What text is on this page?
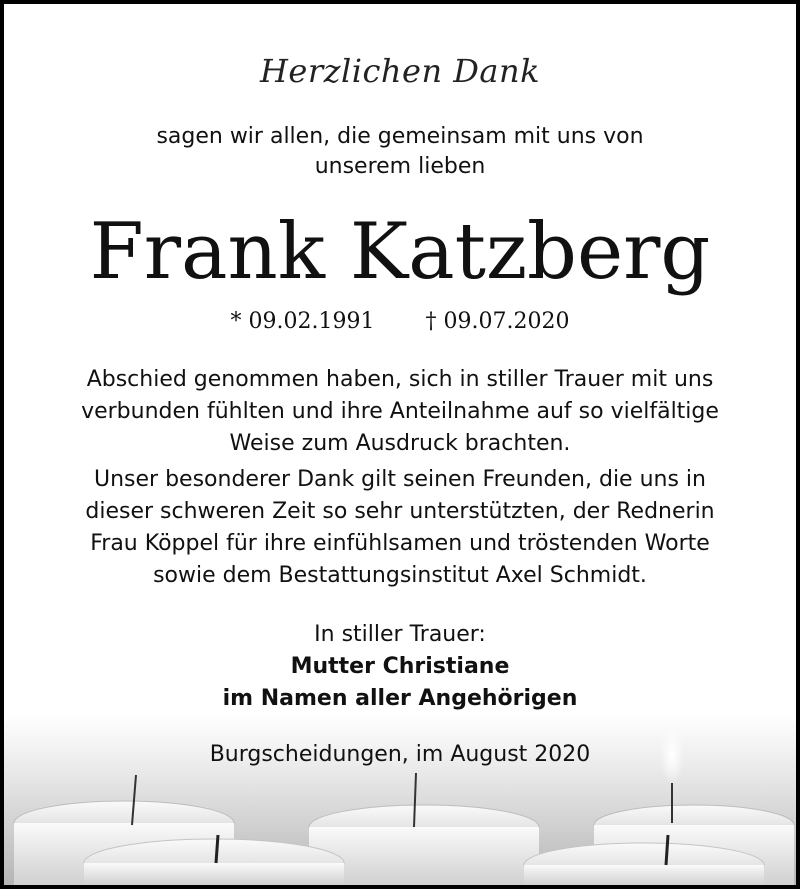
Herzlichen Dank
sagen wir allen, die gemeinsam mit uns von
unserem lieben
Frank Katzberg
* 09.02.1991 † 09.07.2020

Abschied genommen haben, sich in stiller Trauer mit uns
verbunden fühlten und ihre Anteilnahme auf so vielfältige
Weise zum Ausdruck brachten.

Unser besonderer Dank gilt seinen Freunden, die uns in
dieser schweren Zeit so sehr unterstützten, der Rednerin
Frau Köppel für ihre einfühlsamen und tröstenden Worte
sowie dem Bestattungsinstitut Axel Schmidt.

In stiller Trauer:
Mutter Christiane
im Namen aller Angehörigen
Burgscheidungen, im August 2020
